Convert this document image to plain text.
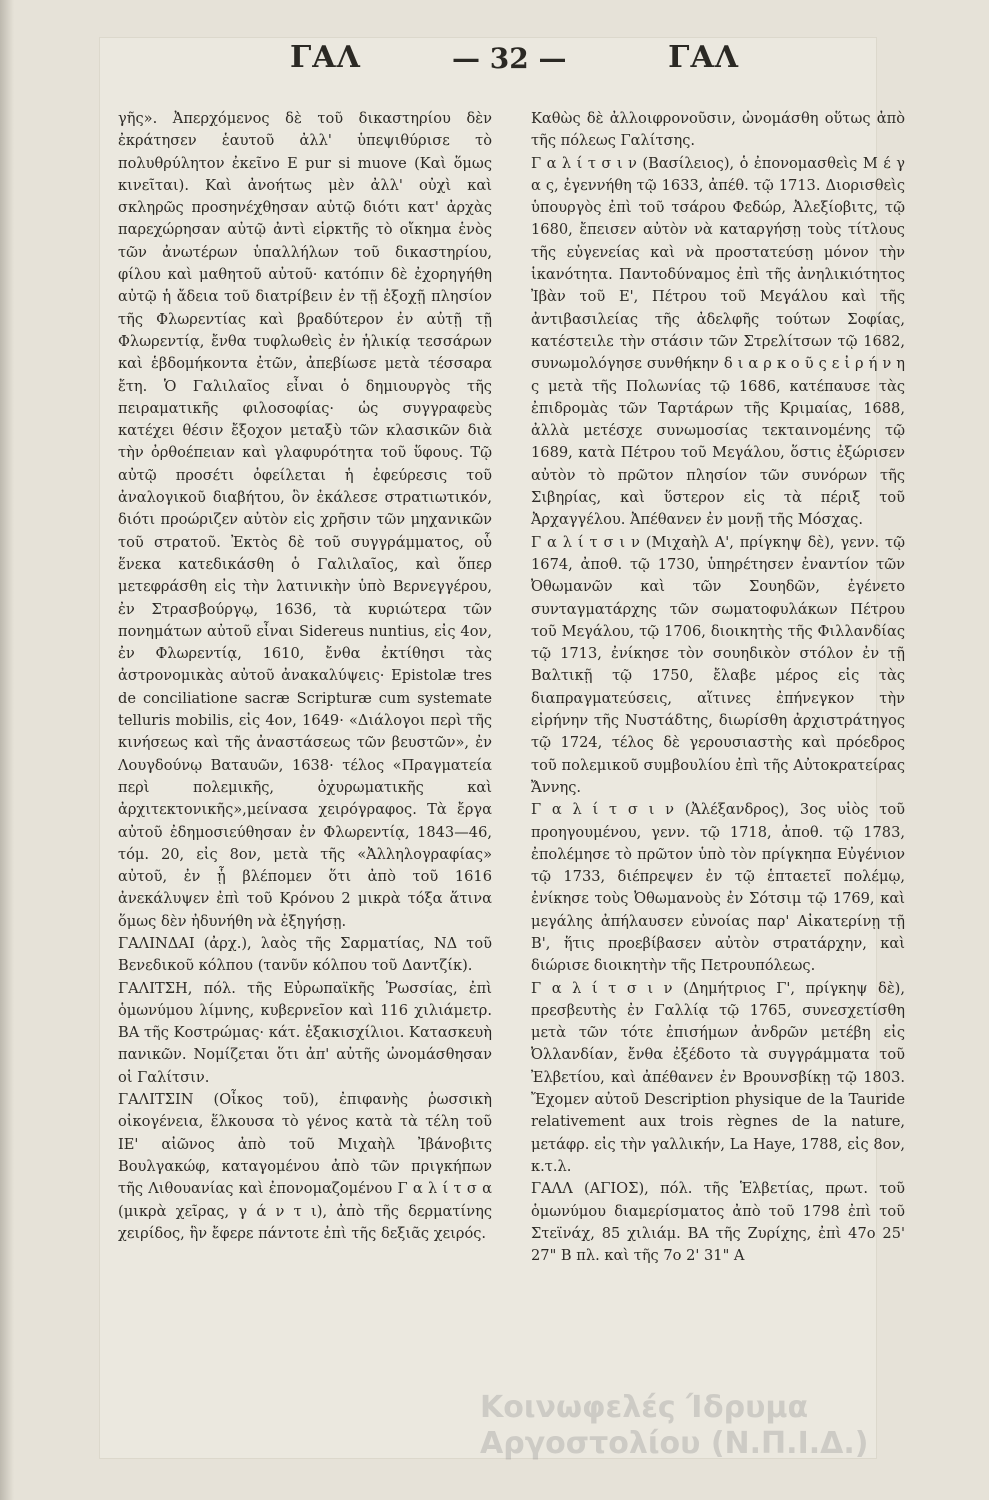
ΓΑΛ	— 32 —	ΓΑΛ

γῆς». Ἀπερχόμενος δὲ τοῦ δικαστηρίου δὲν ἐκράτησεν ἑαυτοῦ ἀλλ' ὑπεψιθύρισε τὸ πολυθρύλητον ἐκεῖνο E pur si muove (Καὶ ὅμως κινεῖται). Καὶ ἀνοήτως μὲν ἀλλ' οὐχὶ καὶ σκληρῶς προσηνέχθησαν αὐτῷ διότι κατ' ἀρχὰς παρεχώρησαν αὐτῷ ἀντὶ εἱρκτῆς τὸ οἴκημα ἑνὸς τῶν ἀνωτέρων ὑπαλλήλων τοῦ δικαστηρίου, φίλου καὶ μαθητοῦ αὐτοῦ· κατόπιν δὲ ἐχορηγήθη αὐτῷ ἡ ἄδεια τοῦ διατρίβειν ἐν τῇ ἐξοχῇ πλησίον τῆς Φλωρεντίας καὶ βραδύτερον ἐν αὐτῇ τῇ Φλωρεντίᾳ, ἔνθα τυφλωθεὶς ἐν ἡλικίᾳ τεσσάρων καὶ ἑβδομήκοντα ἐτῶν, ἀπεβίωσε μετὰ τέσσαρα ἔτη. Ὁ Γαλιλαῖος εἶναι ὁ δημιουργὸς τῆς πειραματικῆς φιλοσοφίας· ὡς συγγραφεὺς κατέχει θέσιν ἔξοχον μεταξὺ τῶν κλασικῶν διὰ τὴν ὀρθοέπειαν καὶ γλαφυρότητα τοῦ ὕφους. Τῷ αὐτῷ προσέτι ὀφείλεται ἡ ἐφεύρεσις τοῦ ἀναλογικοῦ διαβήτου, ὃν ἐκάλεσε στρατιωτικόν, διότι προώριζεν αὐτὸν εἰς χρῆσιν τῶν μηχανικῶν τοῦ στρατοῦ. Ἐκτὸς δὲ τοῦ συγγράμματος, οὗ ἕνεκα κατεδικάσθη ὁ Γαλιλαῖος, καὶ ὅπερ μετεφράσθη εἰς τὴν λατινικὴν ὑπὸ Βερνεγγέρου, ἐν Στρασβούργῳ, 1636, τὰ κυριώτερα τῶν πονημάτων αὐτοῦ εἶναι Sidereus nuntius, εἰς 4ον, ἐν Φλωρεντίᾳ, 1610, ἔνθα ἐκτίθησι τὰς ἀστρονομικὰς αὐτοῦ ἀνακαλύψεις· Epistolæ tres de conciliatione sacræ Scripturæ cum systemate telluris mobilis, εἰς 4ον, 1649· «Διάλογοι περὶ τῆς κινήσεως καὶ τῆς ἀναστάσεως τῶν βευστῶν», ἐν Λουγδούνῳ Βαταυῶν, 1638· τέλος «Πραγματεία περὶ πολεμικῆς, ὀχυρωματικῆς καὶ ἀρχιτεκτονικῆς»,μείνασα χειρόγραφος. Τὰ ἔργα αὐτοῦ ἐδημοσιεύθησαν ἐν Φλωρεντίᾳ, 1843—46, τόμ. 20, εἰς 8ον, μετὰ τῆς «Ἀλληλογραφίας» αὐτοῦ, ἐν ᾗ βλέπομεν ὅτι ἀπὸ τοῦ 1616 ἀνεκάλυψεν ἐπὶ τοῦ Κρόνου 2 μικρὰ τόξα ἅτινα ὅμως δὲν ἠδυνήθη νὰ ἐξηγήσῃ.

ΓΑΛΙΝΔΑΙ (ἀρχ.), λαὸς τῆς Σαρματίας, ΝΔ τοῦ Βενεδικοῦ κόλπου (τανῦν κόλπου τοῦ Δαντζίκ).

ΓΑΛΙΤΣΗ, πόλ. τῆς Εὐρωπαϊκῆς Ῥωσσίας, ἐπὶ ὁμωνύμου λίμνης, κυβερνεῖον καὶ 116 χιλιάμετρ. ΒΑ τῆς Κοστρώμας· κάτ. ἑξακισχίλιοι. Κατασκευὴ πανικῶν. Νομίζεται ὅτι ἀπ' αὐτῆς ὠνομάσθησαν οἱ Γαλίτσιν.

ΓΑΛΙΤΣΙΝ (Οἶκος τοῦ), ἐπιφανὴς ῥωσσικὴ οἰκογένεια, ἕλκουσα τὸ γένος κατὰ τὰ τέλη τοῦ ΙΕ' αἰῶνος ἀπὸ τοῦ Μιχαὴλ Ἰβάνοβιτς Βουλγακώφ, καταγομένου ἀπὸ τῶν πριγκήπων τῆς Λιθουανίας καὶ ἐπονομαζομένου Γ α λ ί τ σ α (μικρὰ χεῖρας, γ ά ν τ ι), ἀπὸ τῆς δερματίνης χειρίδος, ἣν ἔφερε πάντοτε ἐπὶ τῆς δεξιᾶς χειρός.

Καθὼς δὲ ἀλλοιφρονοῦσιν, ὠνομάσθη οὕτως ἀπὸ τῆς πόλεως Γαλίτσης.

Γ α λ ί τ σ ι ν (Βασίλειος), ὁ ἐπονομασθεὶς Μ έ γ α ς, ἐγεννήθη τῷ 1633, ἀπέθ. τῷ 1713. Διορισθεὶς ὑπουργὸς ἐπὶ τοῦ τσάρου Φεδώρ, Ἀλεξίοβιτς, τῷ 1680, ἔπεισεν αὐτὸν νὰ καταργήσῃ τοὺς τίτλους τῆς εὐγενείας καὶ νὰ προστατεύσῃ μόνον τὴν ἱκανότητα. Παντοδύναμος ἐπὶ τῆς ἀνηλικιότητος Ἰβὰν τοῦ Ε', Πέτρου τοῦ Μεγάλου καὶ τῆς ἀντιβασιλείας τῆς ἀδελφῆς τούτων Σοφίας, κατέστειλε τὴν στάσιν τῶν Στρελίτσων τῷ 1682, συνωμολόγησε συνθήκην δ ι α ρ κ ο ῦ ς ε ἰ ρ ή ν η ς μετὰ τῆς Πολωνίας τῷ 1686, κατέπαυσε τὰς ἐπιδρομὰς τῶν Ταρτάρων τῆς Κριμαίας, 1688, ἀλλὰ μετέσχε συνωμοσίας τεκταινομένης τῷ 1689, κατὰ Πέτρου τοῦ Μεγάλου, ὅστις ἐξώρισεν αὐτὸν τὸ πρῶτον πλησίον τῶν συνόρων τῆς Σιβηρίας, καὶ ὕστερον εἰς τὰ πέριξ τοῦ Ἀρχαγγέλου. Ἀπέθανεν ἐν μονῇ τῆς Μόσχας.

Γ α λ ί τ σ ι ν (Μιχαὴλ Α', πρίγκηψ δὲ), γενν. τῷ 1674, ἀποθ. τῷ 1730, ὑπηρέτησεν ἐναντίον τῶν Ὀθωμανῶν καὶ τῶν Σουηδῶν, ἐγένετο συνταγματάρχης τῶν σωματοφυλάκων Πέτρου τοῦ Μεγάλου, τῷ 1706, διοικητὴς τῆς Φιλλανδίας τῷ 1713, ἐνίκησε τὸν σουηδικὸν στόλον ἐν τῇ Βαλτικῇ τῷ 1750, ἔλαβε μέρος εἰς τὰς διαπραγματεύσεις, αἵτινες ἐπήνεγκον τὴν εἰρήνην τῆς Νυστάδτης, διωρίσθη ἀρχιστράτηγος τῷ 1724, τέλος δὲ γερουσιαστὴς καὶ πρόεδρος τοῦ πολεμικοῦ συμβουλίου ἐπὶ τῆς Αὐτοκρατείρας Ἄννης.

Γ α λ ί τ σ ι ν (Ἀλέξανδρος), 3ος υἱὸς τοῦ προηγουμένου, γενν. τῷ 1718, ἀποθ. τῷ 1783, ἐπολέμησε τὸ πρῶτον ὑπὸ τὸν πρίγκηπα Εὐγένιον τῷ 1733, διέπρεψεν ἐν τῷ ἑπταετεῖ πολέμῳ, ἐνίκησε τοὺς Ὀθωμανοὺς ἐν Σότσιμ τῷ 1769, καὶ μεγάλης ἀπήλαυσεν εὐνοίας παρ' Αἰκατερίνῃ τῇ Β', ἥτις προεβίβασεν αὐτὸν στρατάρχην, καὶ διώρισε διοικητὴν τῆς Πετρουπόλεως.

Γ α λ ί τ σ ι ν (Δημήτριος Γ', πρίγκηψ δὲ), πρεσβευτὴς ἐν Γαλλίᾳ τῷ 1765, συνεσχετίσθη μετὰ τῶν τότε ἐπισήμων ἀνδρῶν μετέβη εἰς Ὀλλανδίαν, ἔνθα ἐξέδοτο τὰ συγγράμματα τοῦ Ἐλβετίου, καὶ ἀπέθανεν ἐν Βρουνσβίκῃ τῷ 1803. Ἔχομεν αὐτοῦ Description physique de la Tauride relativement aux trois règnes de la nature, μετάφρ. εἰς τὴν γαλλικήν, La Haye, 1788, εἰς 8ον, κ.τ.λ.

ΓΑΛΛ (ΑΓΙΟΣ), πόλ. τῆς Ἑλβετίας, πρωτ. τοῦ ὁμωνύμου διαμερίσματος ἀπὸ τοῦ 1798 ἐπὶ τοῦ Στεϊνάχ, 85 χιλιάμ. ΒΑ τῆς Ζυρίχης, ἐπὶ 47ο 25' 27" Β πλ. καὶ τῆς 7ο 2' 31" Α

Κοινωφελές Ίδρυμα Αργοστολίου (Ν.Π.Ι.Δ.)
